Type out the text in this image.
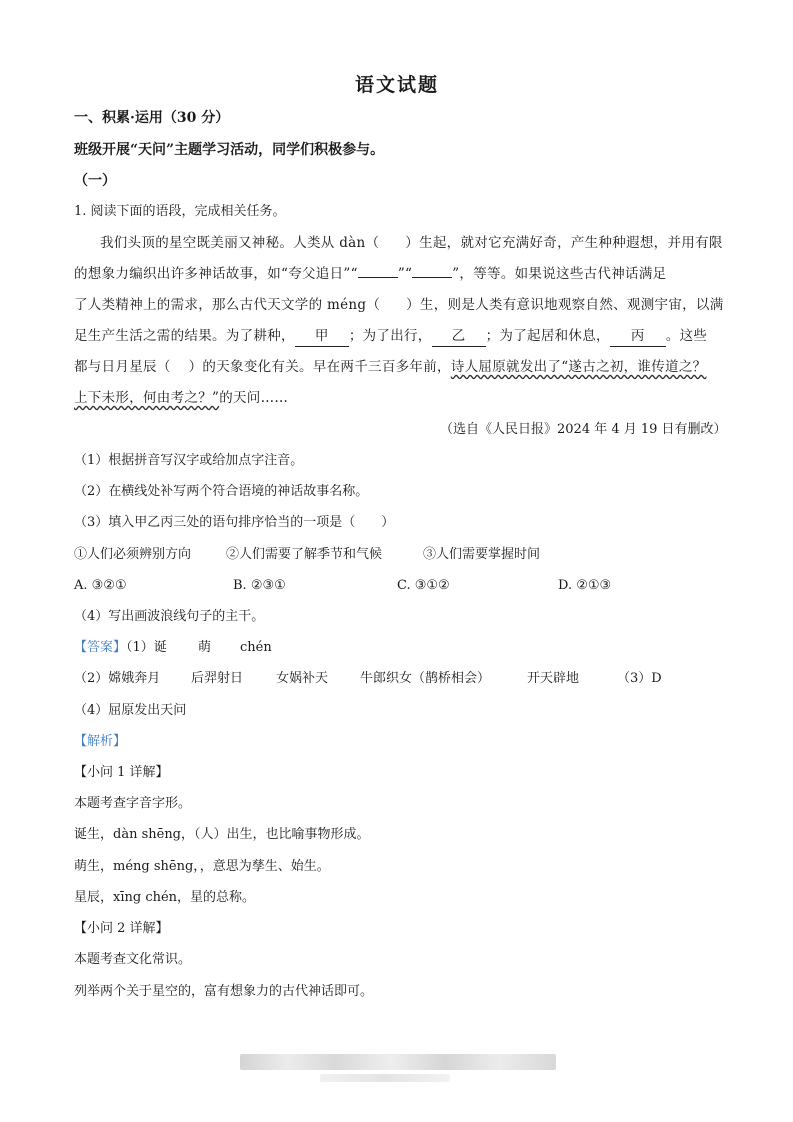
语文试题
一、积累·运用（30 分）
班级开展“天问”主题学习活动，同学们积极参与。
（一）
1. 阅读下面的语段，完成相关任务。
我们头顶的星空既美丽又神秘。人类从 dàn（ ）生起，就对它充满好奇，产生种种遐想，并用有限
的想象力编织出许多神话故事，如“夸父追日”“	”“	”，等等。如果说这些古代神话满足
了人类精神上的需求，那么古代天文学的 méng（ ）生，则是人类有意识地观察自然、观测宇宙，以满
足生产生活之需的结果。为了耕种， 甲 ；为了出行， 乙 ；为了起居和休息， 丙 。这些
都与日月星辰（ ）的天象变化有关。早在两千三百多年前，诗人屈原就发出了“遂古之初，谁传道之？
上下未形，何由考之？”的天问……
（选自《人民日报》2024 年 4 月 19 日有删改）
（1）根据拼音写汉字或给加点字注音。
（2）在横线处补写两个符合语境的神话故事名称。
（3）填入甲乙丙三处的语句排序恰当的一项是（　　）
①人们必须辨别方向	②人们需要了解季节和气候	③人们需要掌握时间
A. ③②①	B. ②③①	C. ③①②	D. ②①③
（4）写出画波浪线句子的主干。
【答案】（1）诞 萌 chén
（2）嫦娥奔月 后羿射日	女娲补天 牛郎织女（鹊桥相会）	开天辟地	（3）D
（4）屈原发出天问
【解析】
【小问 1 详解】
本题考查字音字形。
诞生，dàn shēng，（人）出生，也比喻事物形成。
萌生，méng shēng，，意思为孳生、始生。
星辰，xīng chén，星的总称。
【小问 2 详解】
本题考查文化常识。
列举两个关于星空的，富有想象力的古代神话即可。
